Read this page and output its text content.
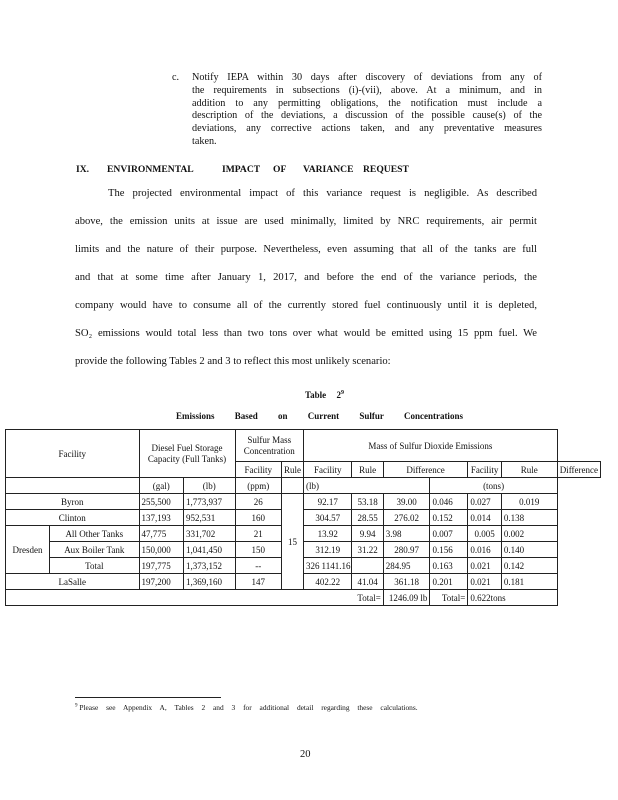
c. Notify IEPA within 30 days after discovery of deviations from any of
the requirements in subsections (i)-(vii), above. At a minimum, and in
addition to any permitting obligations, the notification must include a
description of the deviations, a discussion of the possible cause(s) of the
deviations, any corrective actions taken, and any preventative measures
taken.
IX. ENVIRONMENTAL	IMPACT OF VARIANCE REQUEST
The projected environmental impact of this variance request is negligible. As described
above, the emission units at issue are used minimally, limited by NRC requirements, air permit
limits and the nature of their purpose. Nevertheless, even assuming that all of the tanks are full
and that at some time after January 1, 2017, and before the end of the variance periods, the
company would have to consume all of the currently stored fuel continuously until it is depleted,
SO₂ emissions would total less than two tons over what would be emitted using 15 ppm fuel. We
provide the following Tables 2 and 3 to reflect this most unlikely scenario:
Table $2^9$
Emissions Based on Current Sulfur Concentrations
Facility		Diesel Fuel Storage Capacity (Full Tanks)		Sulfur Mass Concentration		Mass of Sulfur Dioxide Emissions						
				Facility	Rule	Facility	Rule	Difference		Facility	Rule	Difference
		(gal)	(lb)	(ppm)		(lb)			(tons)			
Byron		255,500	1,773,937	26	15	92.17	53.18	39.00	0.046	0.027	0.019	
Clinton		137,193	952,531	160		304.57	28.55	276.02	0.152	0.014	0.138	
Dresden	All Other Tanks	47,775	331,702	21		13.92	9.94	3.98	0.007	0.005	0.002	
	Aux Boiler Tank	150,000	1,041,450	150		312.19	31.22	280.97	0.156	0.016	0.140	
	Total	197,775	1,373,152	--		326 1141.16		284.95	0.163	0.021	0.142	
LaSalle		197,200	1,369,160	147		402.22	41.04	361.18	0.201	0.021	0.181	
Total=								1246.09 lb	Total=	0.622tons		
$^9$ Please see Appendix A, Tables 2 and 3 for additional detail regarding these calculations.
20
